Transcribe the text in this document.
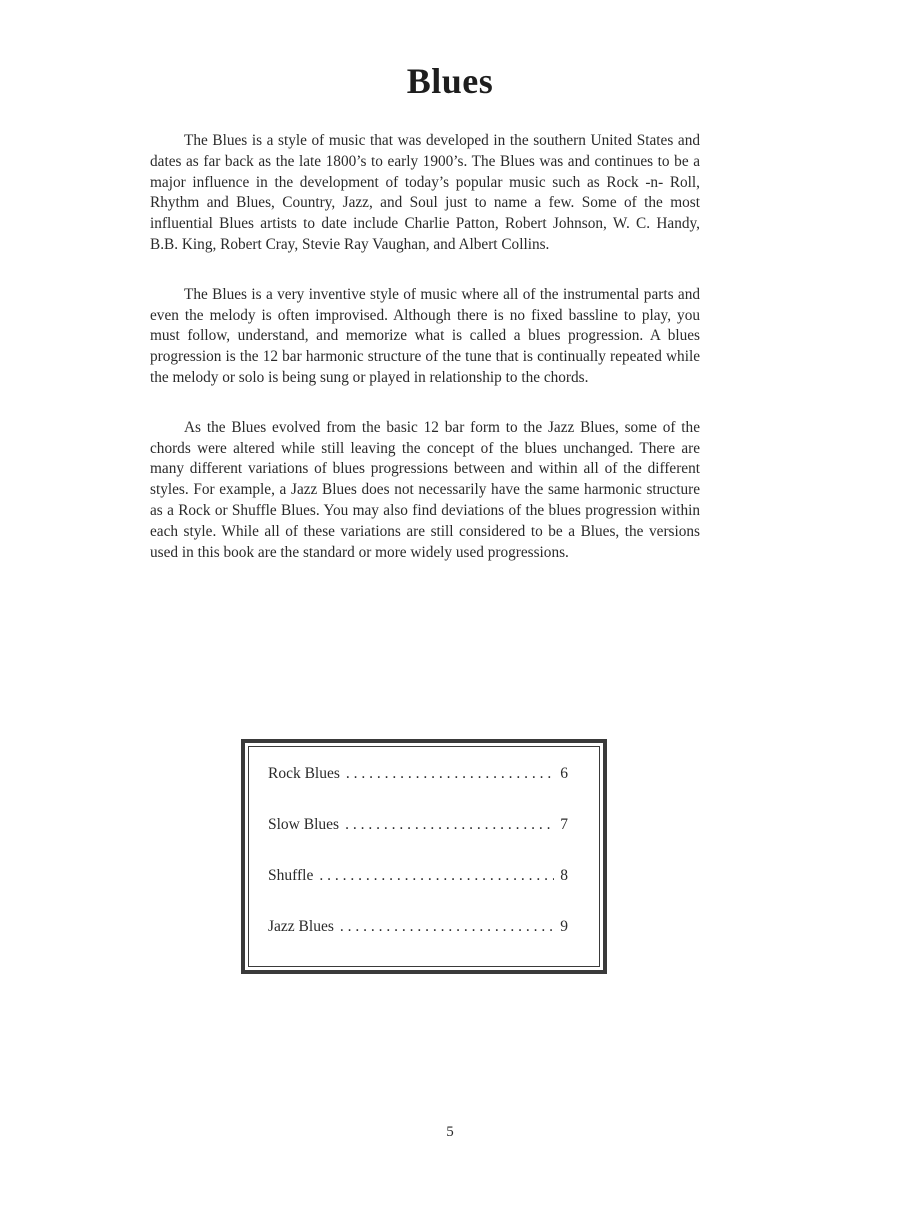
Blues

The Blues is a style of music that was developed in the southern United States and dates as far back as the late 1800’s to early 1900’s. The Blues was and continues to be a major influence in the development of today’s popular music such as Rock -n- Roll, Rhythm and Blues, Country, Jazz, and Soul just to name a few. Some of the most influential Blues artists to date include Charlie Patton, Robert Johnson, W. C. Handy, B.B. King, Robert Cray, Stevie Ray Vaughan, and Albert Collins.

The Blues is a very inventive style of music where all of the instrumental parts and even the melody is often improvised. Although there is no fixed bassline to play, you must follow, understand, and memorize what is called a blues progression. A blues progression is the 12 bar harmonic structure of the tune that is continually repeated while the melody or solo is being sung or played in relationship to the chords.

As the Blues evolved from the basic 12 bar form to the Jazz Blues, some of the chords were altered while still leaving the concept of the blues unchanged. There are many different variations of blues progressions between and within all of the different styles. For example, a Jazz Blues does not necessarily have the same harmonic structure as a Rock or Shuffle Blues. You may also find deviations of the blues progression within each style. While all of these variations are still considered to be a Blues, the versions used in this book are the standard or more widely used progressions.

Rock Blues . . .	6
Slow Blues . . .	7
Shuffle . . .	8
Jazz Blues . . .	9
5
